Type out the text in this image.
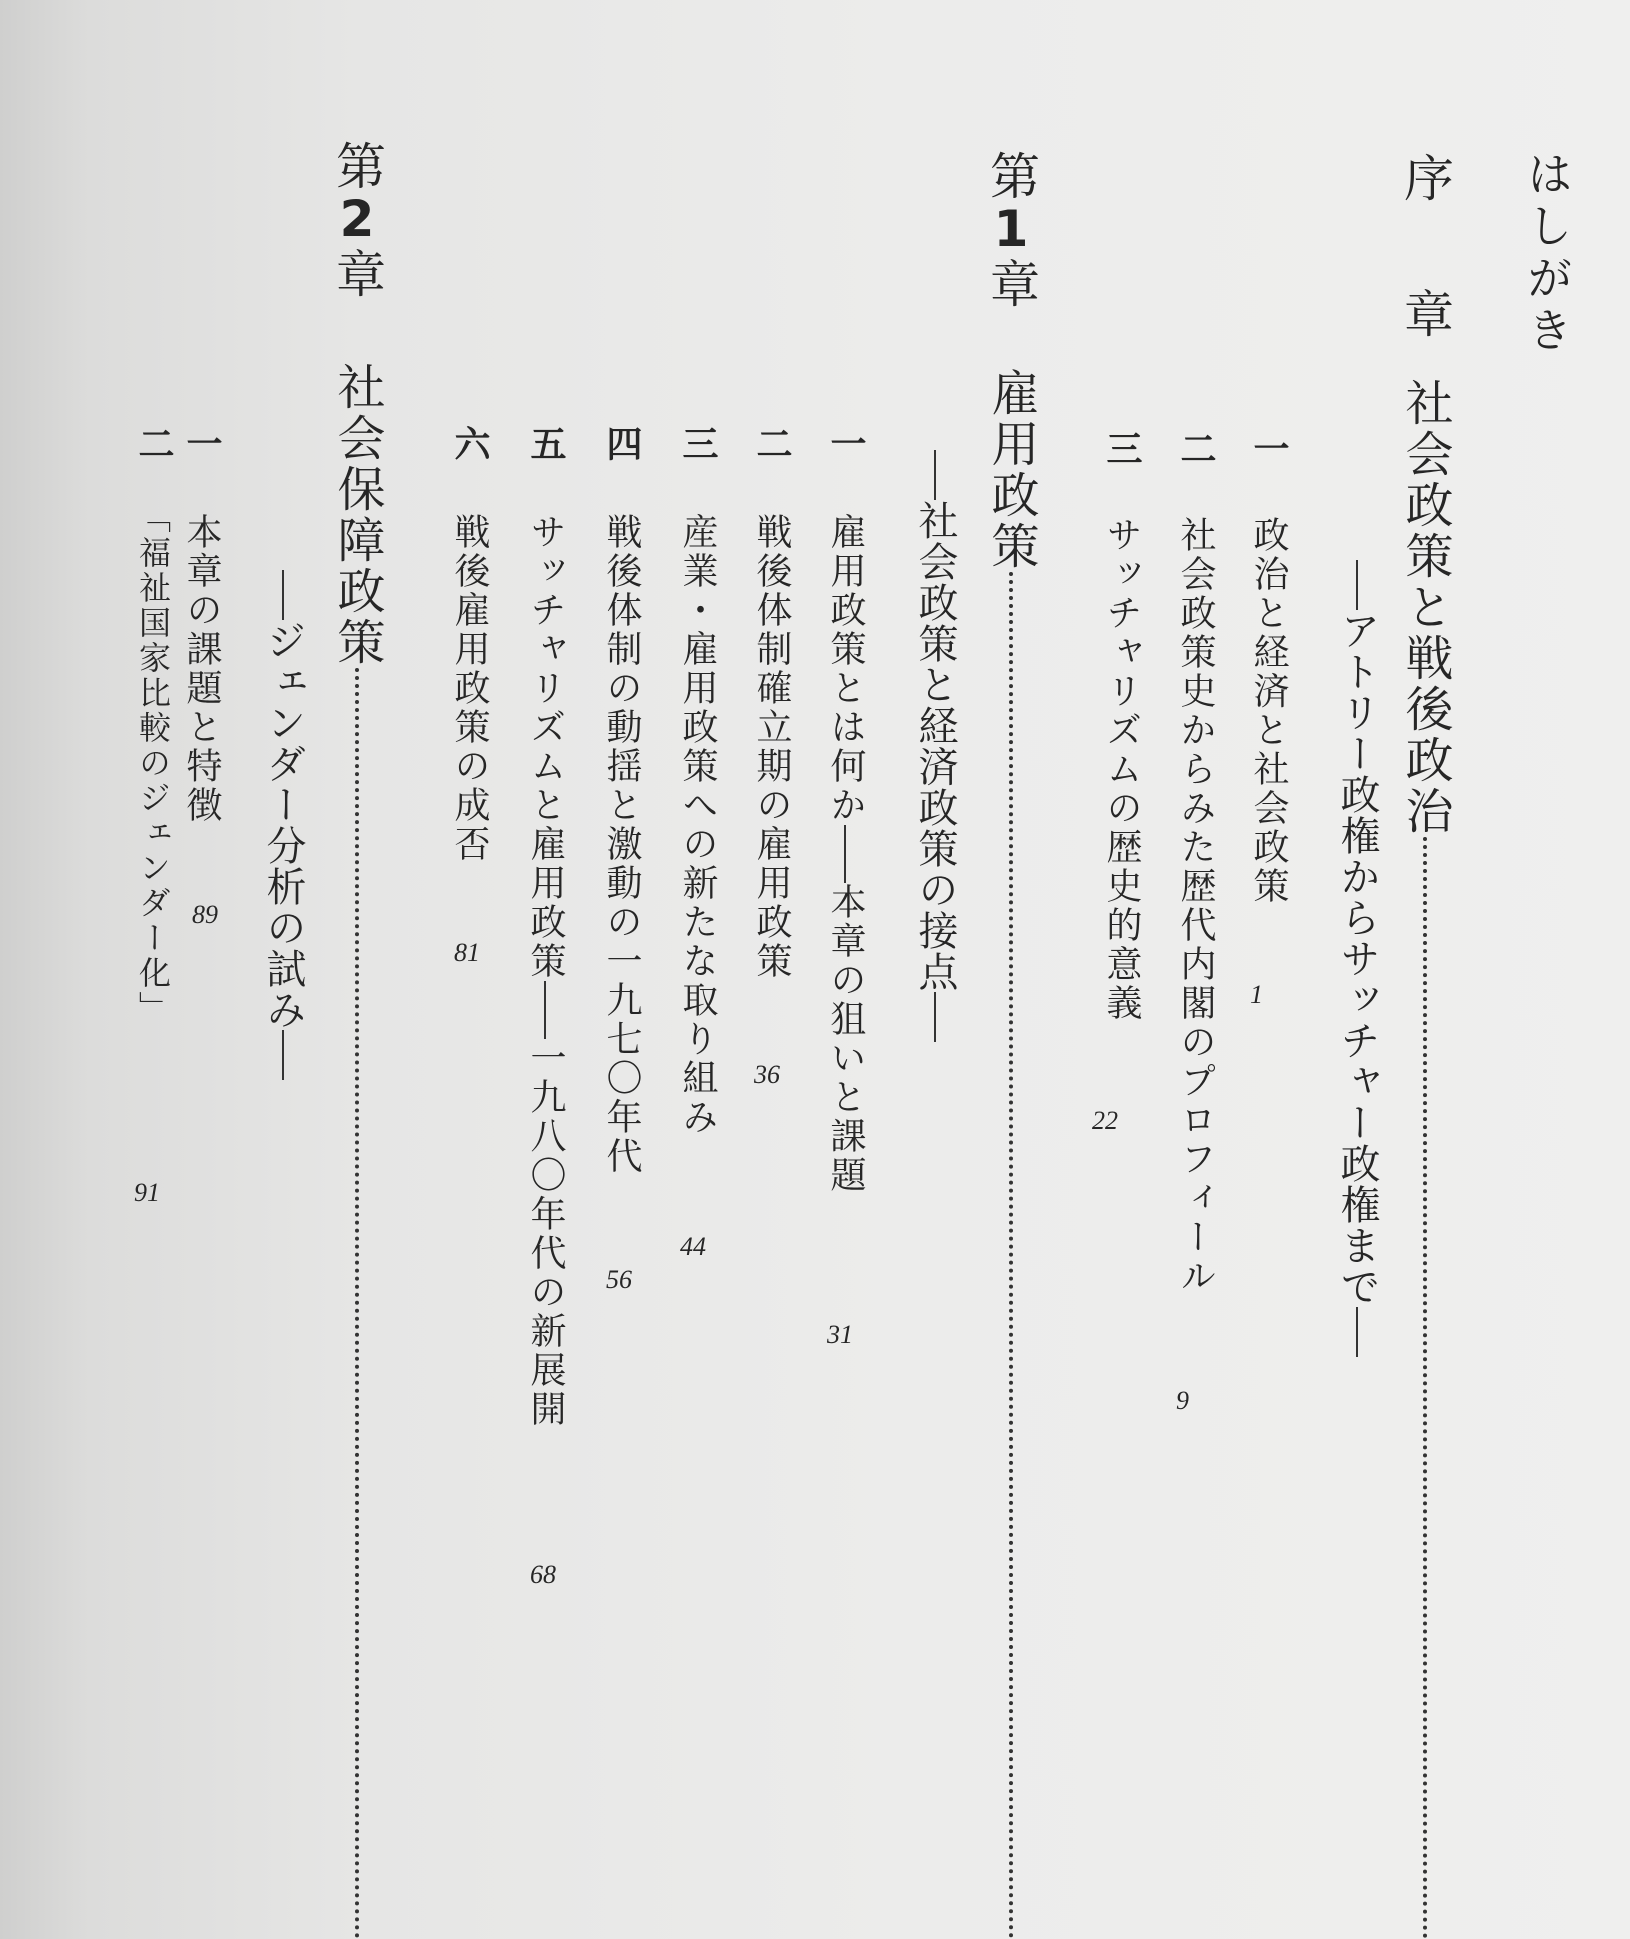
はしがき
序　章
社会政策と戦後政治
アトリー政権からサッチャー政権まで
一
政治と経済と社会政策
1
二
社会政策史からみた歴代内閣のプロフィール
9
三
サッチャリズムの歴史的意義
22
第1章
雇用政策
社会政策と経済政策の接点
一
雇用政策とは何か
本章の狙いと課題
31
二
戦後体制確立期の雇用政策
36
三
産業・雇用政策への新たな取り組み
44
四
戦後体制の動揺と激動の一九七〇年代
56
五
サッチャリズムと雇用政策
一九八〇年代の新展開
68
六
戦後雇用政策の成否
81
第2章
社会保障政策
ジェンダー分析の試み
一
本章の課題と特徴
89
二
「福祉国家比較のジェンダー化」
91
